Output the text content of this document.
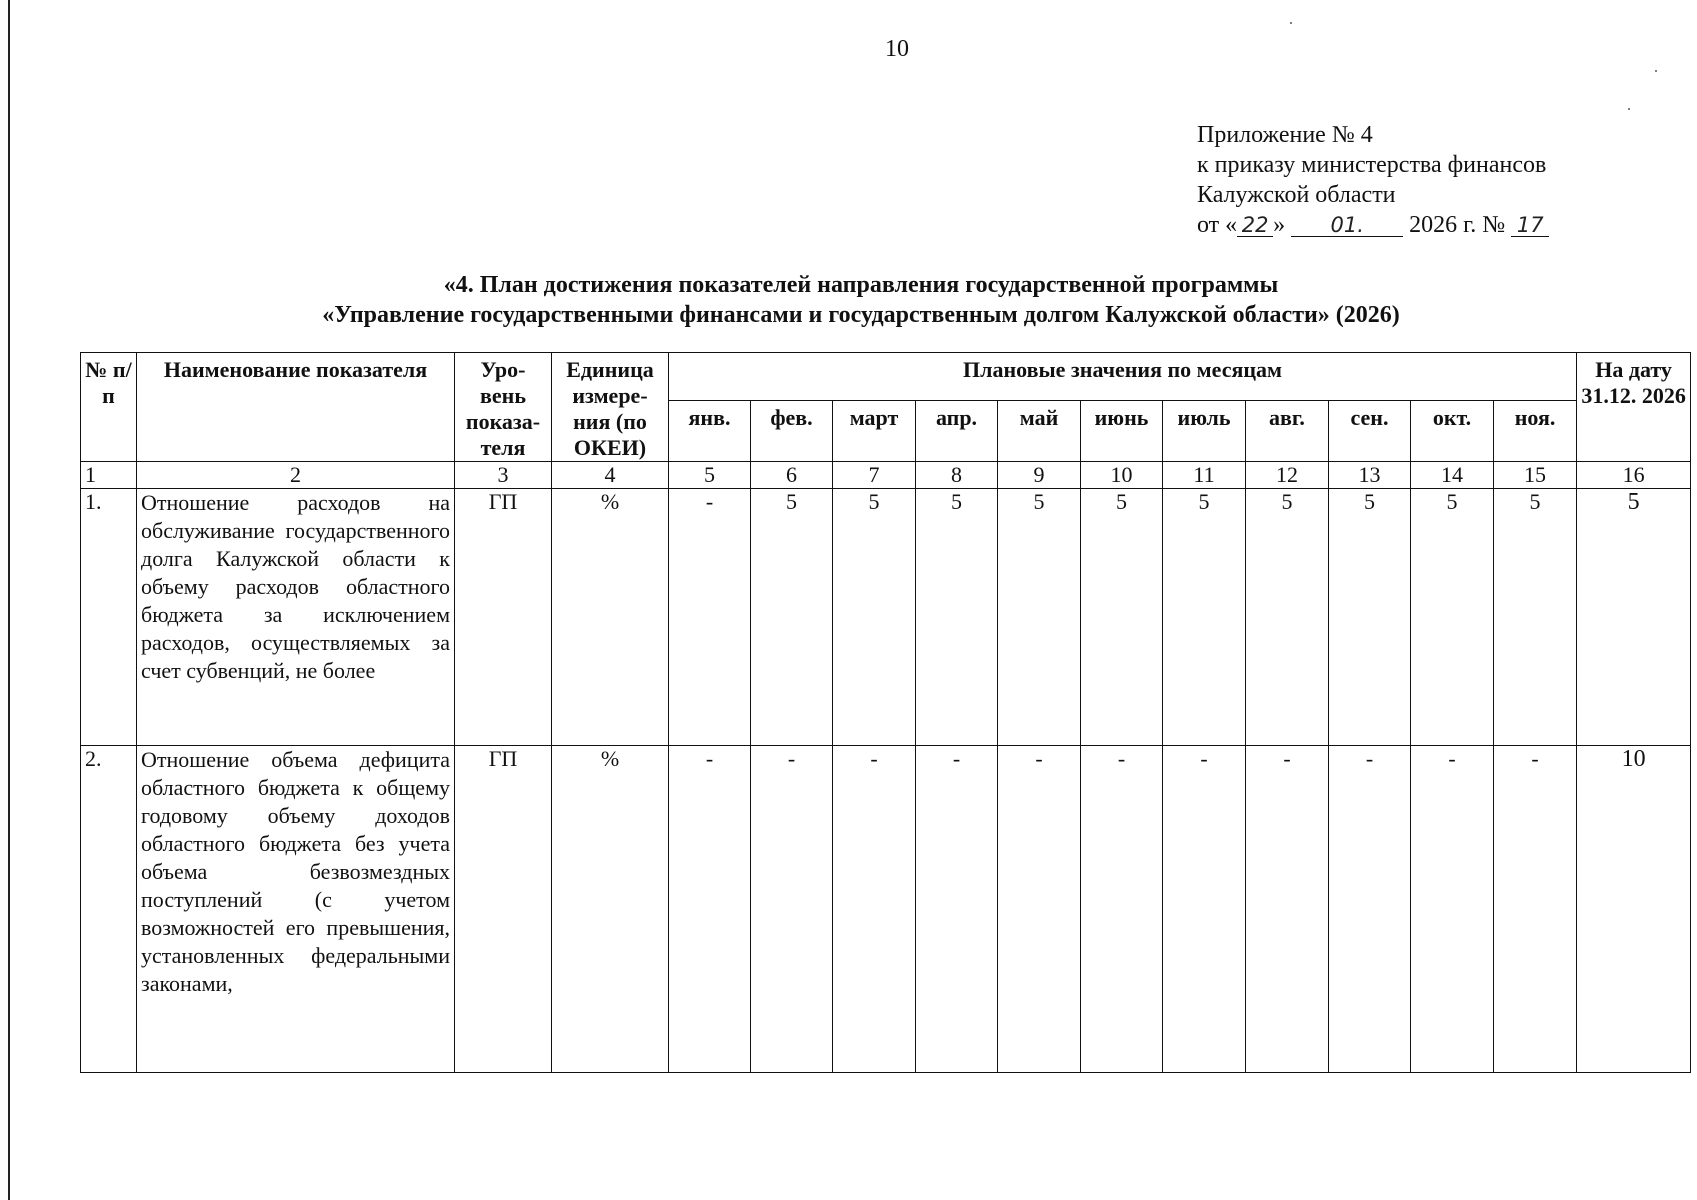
10
Приложение № 4
к приказу министерства финансов
Калужской области
от « 22 » 01. 2026 г. № 17
«4. План достижения показателей направления государственной программы
«Управление государственными финансами и государственным долгом Калужской области» (2026)
№ п/п	Наименование показателя	Уро-вень показа-теля	Единица измере-ния (по ОКЕИ)	Плановые значения по месяцам											На дату 31.12. 2026
				янв.	фев.	март	апр.	май	июнь	июль	авг.	сен.	окт.	ноя.	
1	2	3	4	5	6	7	8	9	10	11	12	13	14	15	16
1.	Отношение расходов на обслуживание государственного долга Калужской области к объему расходов областного бюджета за исключением расходов, осуществляемых за счет субвенций, не более	ГП	%	-	5	5	5	5	5	5	5	5	5	5	5
2.	Отношение объема дефицита областного бюджета к общему годовому объему доходов областного бюджета без учета объема безвозмездных поступлений (с учетом возможностей его превышения, установленных федеральными законами,	ГП	%	-	-	-	-	-	-	-	-	-	-	-	10
